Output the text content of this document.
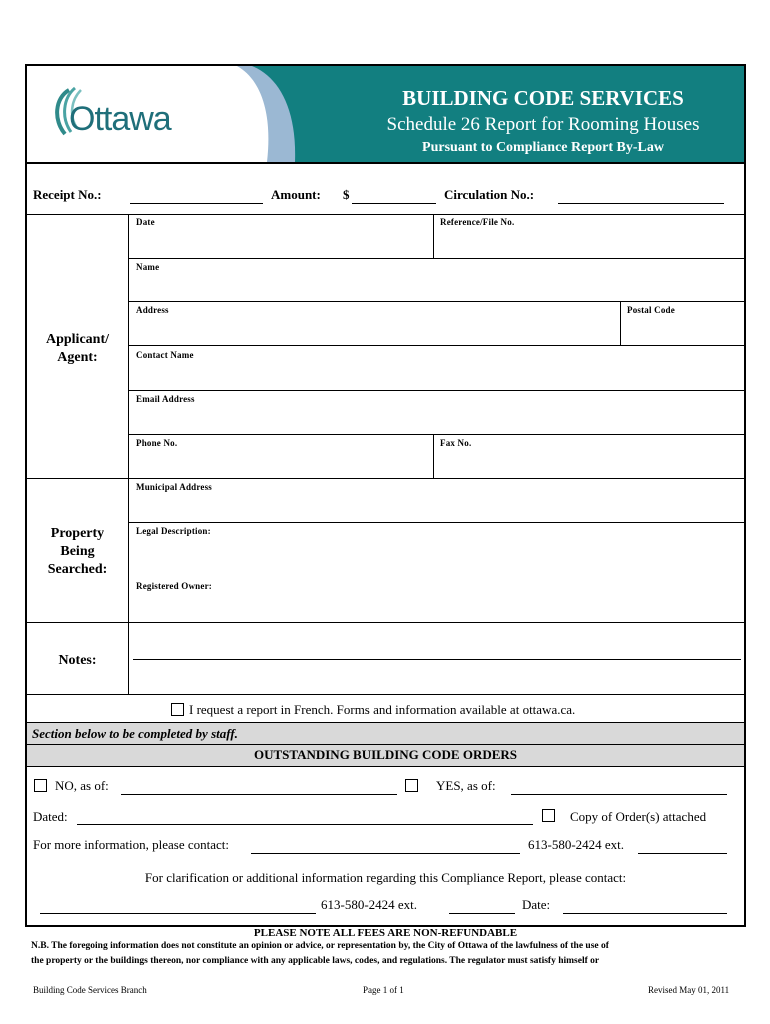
Ottawa
BUILDING CODE SERVICES
Schedule 26 Report for Rooming Houses
Pursuant to Compliance Report By-Law
Receipt No.:	Amount: $	Circulation No.:
Applicant/
Agent:
Date	Reference/File No.
Name
Address	Postal Code
Contact Name
Email Address
Phone No.	Fax No.
Property
Being
Searched:
Municipal Address
Legal Description:
Registered Owner:
Notes:
I request a report in French. Forms and information available at ottawa.ca.
Section below to be completed by staff.
OUTSTANDING BUILDING CODE ORDERS
NO, as of:	YES, as of:
Dated:	Copy of Order(s) attached
For more information, please contact:	613-580-2424 ext.
For clarification or additional information regarding this Compliance Report, please contact:
613-580-2424 ext.	Date:
PLEASE NOTE ALL FEES ARE NON-REFUNDABLE
N.B. The foregoing information does not constitute an opinion or advice, or representation by, the City of Ottawa of the lawfulness of the use of
the property or the buildings thereon, nor compliance with any applicable laws, codes, and regulations. The regulator must satisfy himself or
Building Code Services Branch	Page 1 of 1	Revised May 01, 2011
